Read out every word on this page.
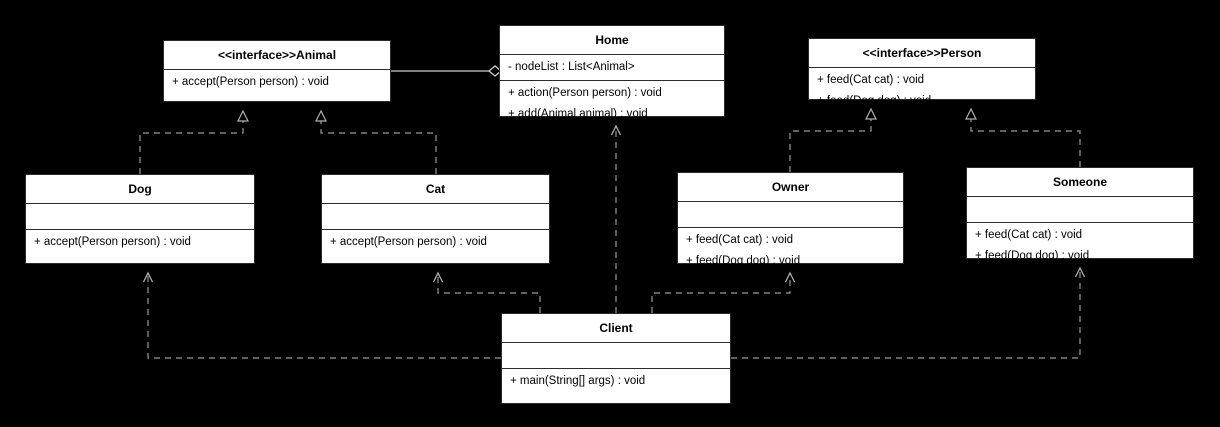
<<interface>>Animal
+ accept(Person person) : void
Home
- nodeList : List<Animal>
+ action(Person person) : void
+ add(Animal animal) : void
<<interface>>Person
+ feed(Cat cat) : void
+ feed(Dog dog) : void
Dog
+ accept(Person person) : void
Cat
+ accept(Person person) : void
Owner
+ feed(Cat cat) : void
+ feed(Dog dog) : void
Someone
+ feed(Cat cat) : void
+ feed(Dog dog) : void
Client
+ main(String[] args) : void
